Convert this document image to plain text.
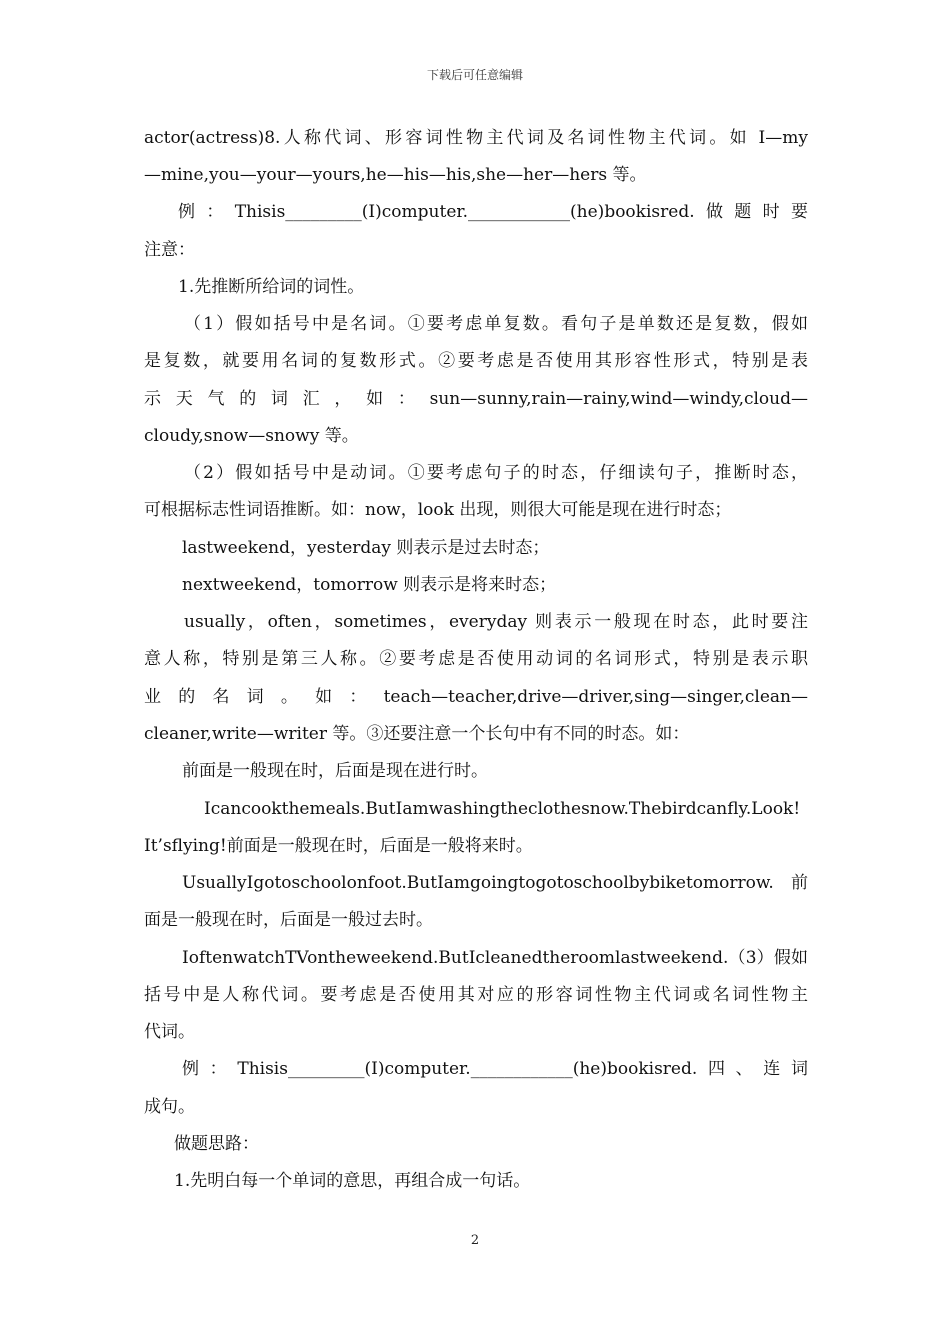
下载后可任意编辑
actor(actress)8.人称代词、形容词性物主代词及名词性物主代词。如 I—my
—mine,you—your—yours,he—his—his,she—her—hers 等。
例：Thisis_________(I)computer.____________(he)bookisred.做题时要
注意：
1.先推断所给词的词性。
（1）假如括号中是名词。①要考虑单复数。看句子是单数还是复数，假如
是复数，就要用名词的复数形式。②要考虑是否使用其形容性形式，特别是表
示天气的词汇，如：sun—sunny,rain—rainy,wind—windy,cloud—
cloudy,snow—snowy 等。
（2）假如括号中是动词。①要考虑句子的时态，仔细读句子，推断时态，
可根据标志性词语推断。如：now，look 出现，则很大可能是现在进行时态；
lastweekend，yesterday 则表示是过去时态；
nextweekend，tomorrow 则表示是将来时态；
usually，often，sometimes，everyday 则表示一般现在时态，此时要注
意人称，特别是第三人称。②要考虑是否使用动词的名词形式，特别是表示职
业的名词。如：teach—teacher,drive—driver,sing—singer,clean—
cleaner,write—writer 等。③还要注意一个长句中有不同的时态。如：
前面是一般现在时，后面是现在进行时。
Icancookthemeals.ButIamwashingtheclothesnow.Thebirdcanfly.Look!
It’sflying!前面是一般现在时，后面是一般将来时。
UsuallyIgotoschoolonfoot.ButIamgoingtogotoschoolbybiketomorrow.前
面是一般现在时，后面是一般过去时。
IoftenwatchTVontheweekend.ButIcleanedtheroomlastweekend.（3）假如
括号中是人称代词。要考虑是否使用其对应的形容词性物主代词或名词性物主
代词。
例：Thisis_________(I)computer.____________(he)bookisred.四、连词
成句。
做题思路：
1.先明白每一个单词的意思，再组合成一句话。
2
